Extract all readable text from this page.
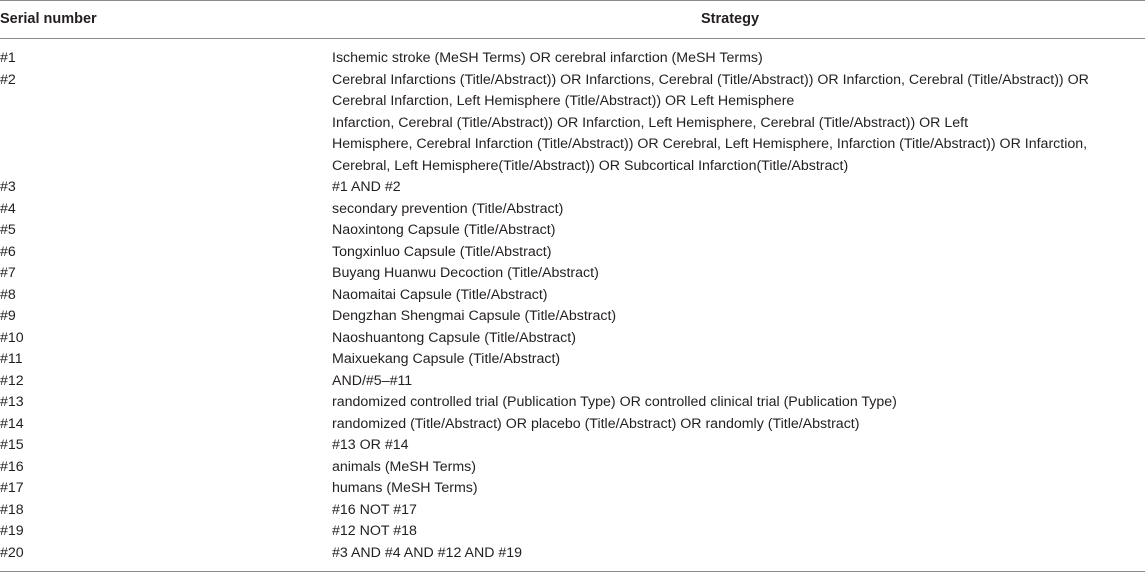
Serial number	Strategy
#1	Ischemic stroke (MeSH Terms) OR cerebral infarction (MeSH Terms)
#2	Cerebral Infarctions (Title/Abstract)) OR Infarctions, Cerebral (Title/Abstract)) OR Infarction, Cerebral (Title/Abstract)) OR
Cerebral Infarction, Left Hemisphere (Title/Abstract)) OR Left Hemisphere
Infarction, Cerebral (Title/Abstract)) OR Infarction, Left Hemisphere, Cerebral (Title/Abstract)) OR Left
Hemisphere, Cerebral Infarction (Title/Abstract)) OR Cerebral, Left Hemisphere, Infarction (Title/Abstract)) OR Infarction,
Cerebral, Left Hemisphere(Title/Abstract)) OR Subcortical Infarction(Title/Abstract)
#3	#1 AND #2
#4	secondary prevention (Title/Abstract)
#5	Naoxintong Capsule (Title/Abstract)
#6	Tongxinluo Capsule (Title/Abstract)
#7	Buyang Huanwu Decoction (Title/Abstract)
#8	Naomaitai Capsule (Title/Abstract)
#9	Dengzhan Shengmai Capsule (Title/Abstract)
#10	Naoshuantong Capsule (Title/Abstract)
#11	Maixuekang Capsule (Title/Abstract)
#12	AND/#5–#11
#13	randomized controlled trial (Publication Type) OR controlled clinical trial (Publication Type)
#14	randomized (Title/Abstract) OR placebo (Title/Abstract) OR randomly (Title/Abstract)
#15	#13 OR #14
#16	animals (MeSH Terms)
#17	humans (MeSH Terms)
#18	#16 NOT #17
#19	#12 NOT #18
#20	#3 AND #4 AND #12 AND #19
